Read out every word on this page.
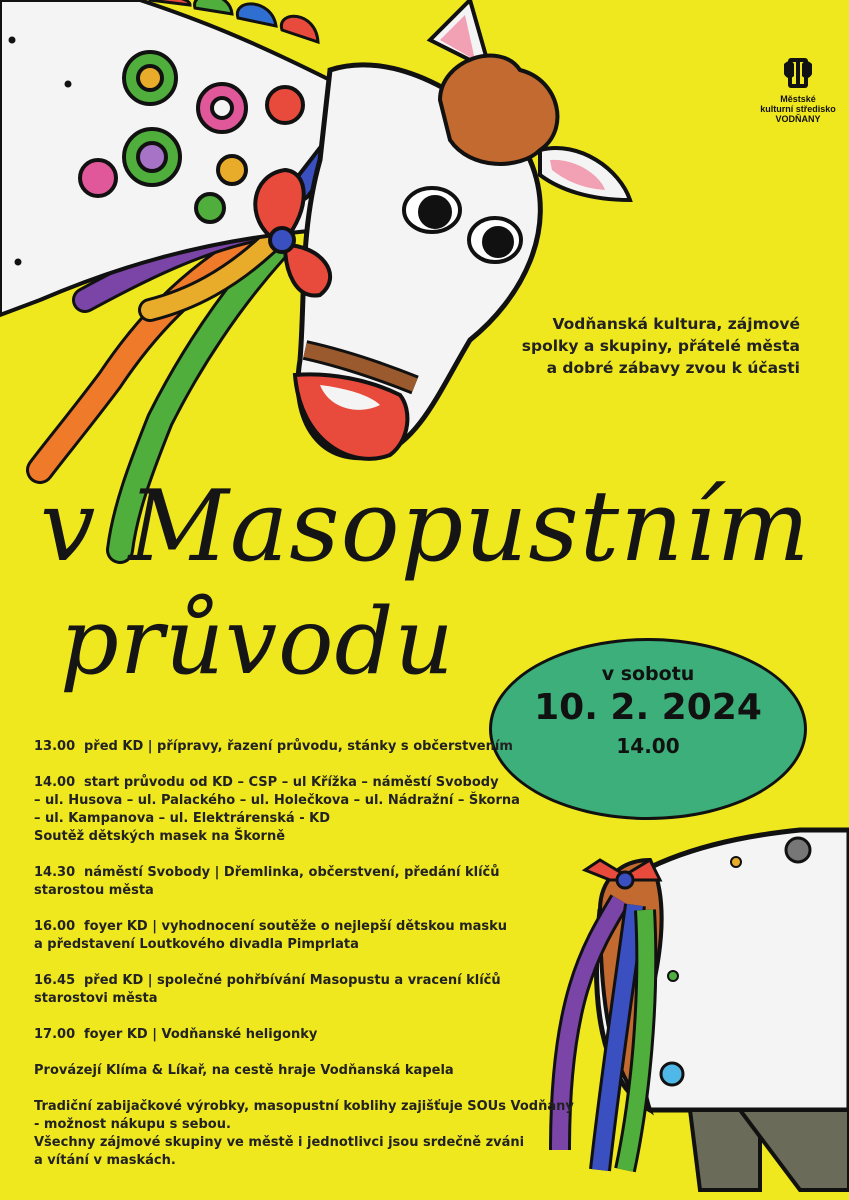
Městské
kulturní středisko
VODŇANY
Vodňanská kultura, zájmové
spolky a skupiny, přátelé města
a dobré zábavy zvou k účasti
v Masopustním
průvodu	v sobotu
10. 2. 2024
14.00
13.00 před KD | přípravy, řazení průvodu, stánky s občerstvením
14.00 start průvodu od KD – CSP – ul Křížka – náměstí Svobody
– ul. Husova – ul. Palackého – ul. Holečkova – ul. Nádražní – Škorna
– ul. Kampanova – ul. Elektrárenská - KD
Soutěž dětských masek na Škorně
14.30 náměstí Svobody | Dřemlinka, občerstvení, předání klíčů
starostou města
16.00 foyer KD | vyhodnocení soutěže o nejlepší dětskou masku
a představení Loutkového divadla Pimprlata
16.45 před KD | společné pohřbívání Masopustu a vracení klíčů
starostovi města
17.00 foyer KD | Vodňanské heligonky
Provázejí Klíma & Líkař, na cestě hraje Vodňanská kapela
Tradiční zabijačkové výrobky, masopustní koblihy zajišťuje SOUs Vodňany
- možnost nákupu s sebou.
Všechny zájmové skupiny ve městě i jednotlivci jsou srdečně zváni
a vítání v maskách.
